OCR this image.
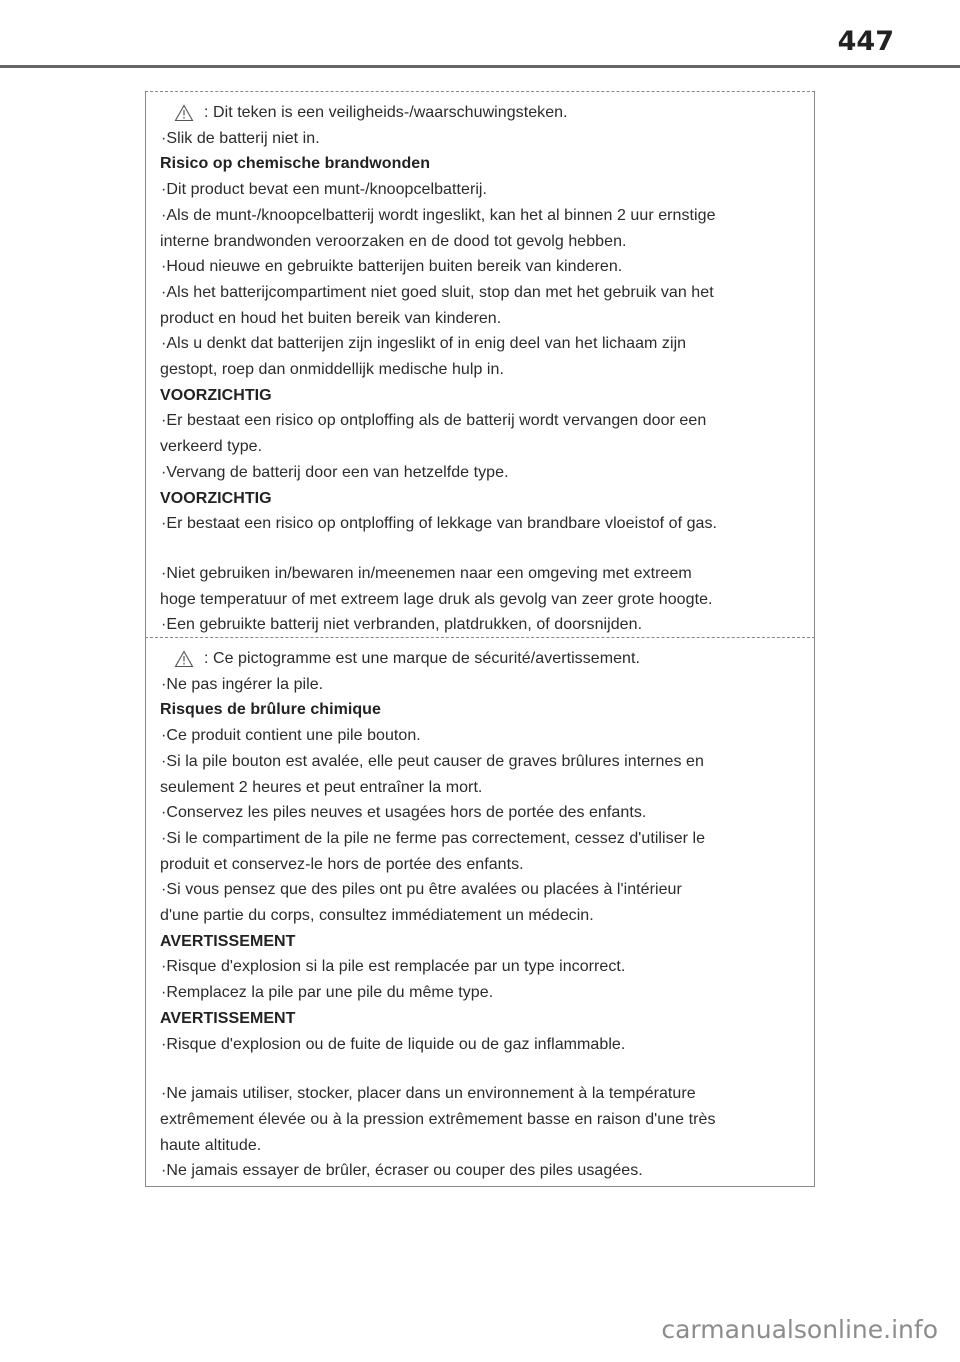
447
: Dit teken is een veiligheids-/waarschuwingsteken.
·Slik de batterij niet in.
Risico op chemische brandwonden
·Dit product bevat een munt-/knoopcelbatterij.
·Als de munt-/knoopcelbatterij wordt ingeslikt, kan het al binnen 2 uur ernstige
interne brandwonden veroorzaken en de dood tot gevolg hebben.
·Houd nieuwe en gebruikte batterijen buiten bereik van kinderen.
·Als het batterijcompartiment niet goed sluit, stop dan met het gebruik van het
product en houd het buiten bereik van kinderen.
·Als u denkt dat batterijen zijn ingeslikt of in enig deel van het lichaam zijn
gestopt, roep dan onmiddellijk medische hulp in.
VOORZICHTIG
·Er bestaat een risico op ontploffing als de batterij wordt vervangen door een
verkeerd type.
·Vervang de batterij door een van hetzelfde type.
VOORZICHTIG
·Er bestaat een risico op ontploffing of lekkage van brandbare vloeistof of gas.
·Niet gebruiken in/bewaren in/meenemen naar een omgeving met extreem
hoge temperatuur of met extreem lage druk als gevolg van zeer grote hoogte.
·Een gebruikte batterij niet verbranden, platdrukken, of doorsnijden.
: Ce pictogramme est une marque de sécurité/avertissement.
·Ne pas ingérer la pile.
Risques de brûlure chimique
·Ce produit contient une pile bouton.
·Si la pile bouton est avalée, elle peut causer de graves brûlures internes en
seulement 2 heures et peut entraîner la mort.
·Conservez les piles neuves et usagées hors de portée des enfants.
·Si le compartiment de la pile ne ferme pas correctement, cessez d'utiliser le
produit et conservez-le hors de portée des enfants.
·Si vous pensez que des piles ont pu être avalées ou placées à l'intérieur
d'une partie du corps, consultez immédiatement un médecin.
AVERTISSEMENT
·Risque d'explosion si la pile est remplacée par un type incorrect.
·Remplacez la pile par une pile du même type.
AVERTISSEMENT
·Risque d'explosion ou de fuite de liquide ou de gaz inflammable.
·Ne jamais utiliser, stocker, placer dans un environnement à la température
extrêmement élevée ou à la pression extrêmement basse en raison d'une très
haute altitude.
·Ne jamais essayer de brûler, écraser ou couper des piles usagées.
carmanualsonline.info
